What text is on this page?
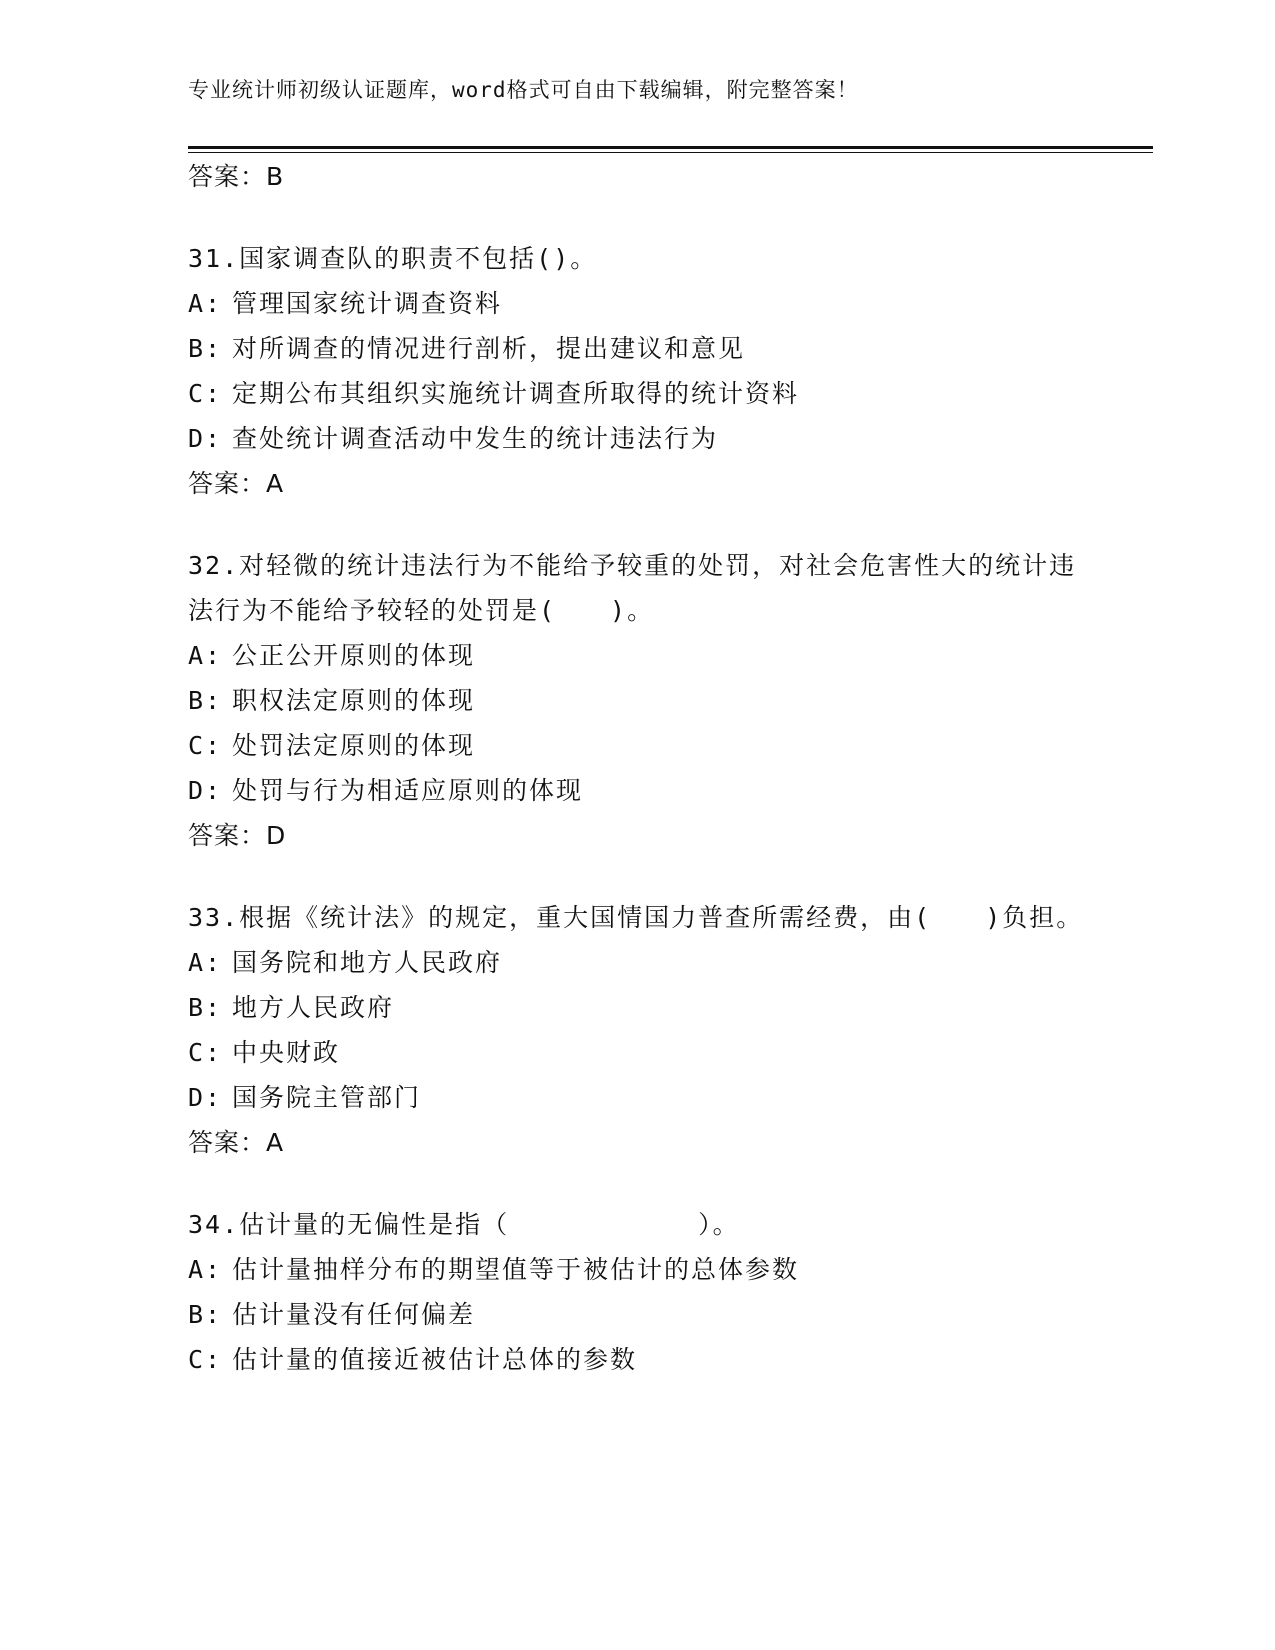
专业统计师初级认证题库，word格式可自由下载编辑，附完整答案！
答案：B
31.国家调查队的职责不包括()。
A: 管理国家统计调查资料
B: 对所调查的情况进行剖析，提出建议和意见
C: 定期公布其组织实施统计调查所取得的统计资料
D: 查处统计调查活动中发生的统计违法行为
答案：A
32.对轻微的统计违法行为不能给予较重的处罚，对社会危害性大的统计违法行为不能给予较轻的处罚是(　　)。
A: 公正公开原则的体现
B: 职权法定原则的体现
C: 处罚法定原则的体现
D: 处罚与行为相适应原则的体现
答案：D
33.根据《统计法》的规定，重大国情国力普查所需经费，由(　　)负担。
A: 国务院和地方人民政府
B: 地方人民政府
C: 中央财政
D: 国务院主管部门
答案：A
34.估计量的无偏性是指（　　　　　　　）。
A: 估计量抽样分布的期望值等于被估计的总体参数
B: 估计量没有任何偏差
C: 估计量的值接近被估计总体的参数
